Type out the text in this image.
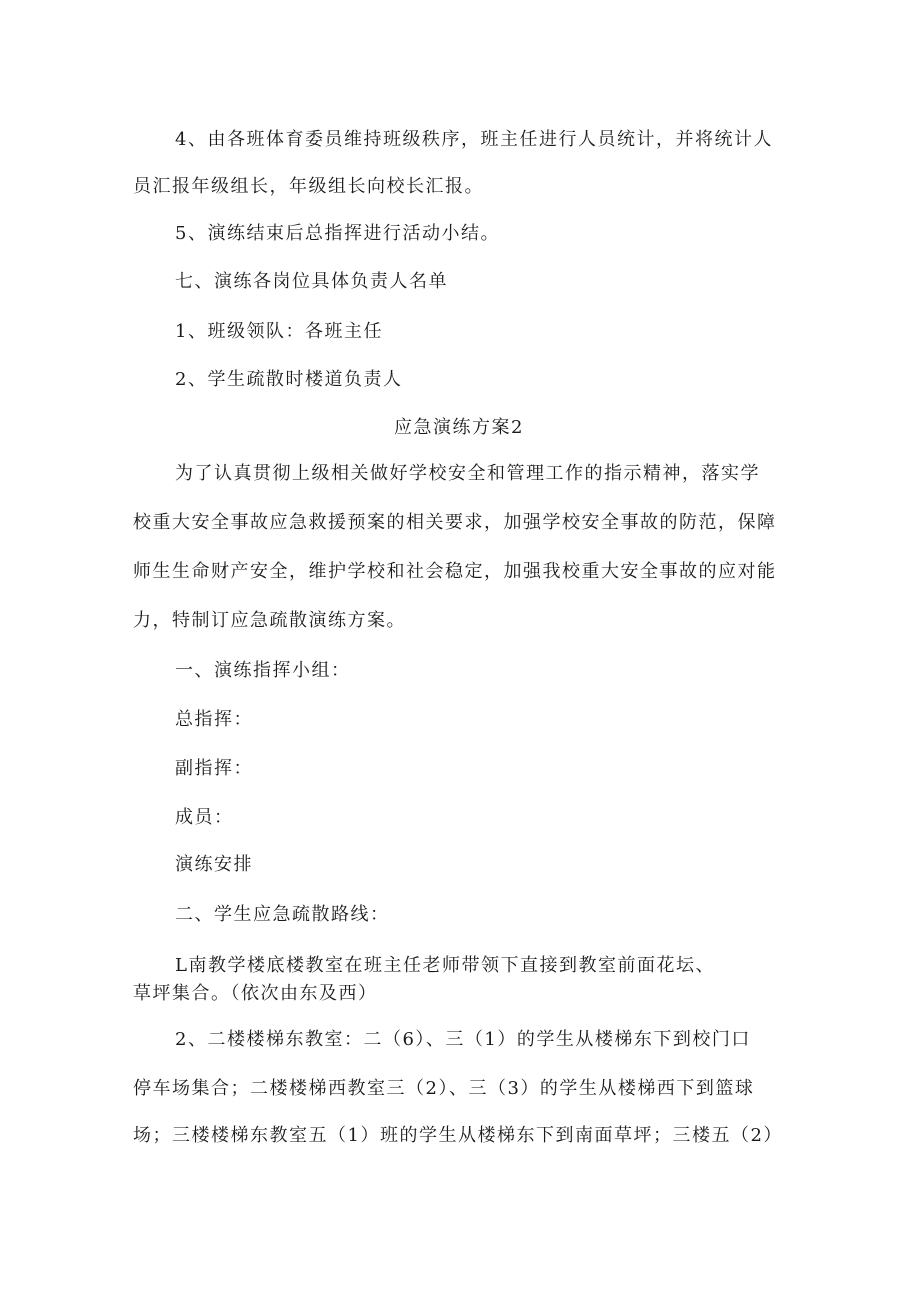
4、由各班体育委员维持班级秩序，班主任进行人员统计，并将统计人

员汇报年级组长，年级组长向校长汇报。

5、演练结束后总指挥进行活动小结。

七、演练各岗位具体负责人名单

1、班级领队：各班主任

2、学生疏散时楼道负责人

应急演练方案2

为了认真贯彻上级相关做好学校安全和管理工作的指示精神，落实学

校重大安全事故应急救援预案的相关要求，加强学校安全事故的防范，保障

师生生命财产安全，维护学校和社会稳定，加强我校重大安全事故的应对能

力，特制订应急疏散演练方案。

一、演练指挥小组：

总指挥：

副指挥：

成员：

演练安排

二、学生应急疏散路线：

L南教学楼底楼教室在班主任老师带领下直接到教室前面花坛、

草坪集合。（依次由东及西）

2、二楼楼梯东教室：二（6）、三（1）的学生从楼梯东下到校门口

停车场集合；二楼楼梯西教室三（2）、三（3）的学生从楼梯西下到篮球

场；三楼楼梯东教室五（1）班的学生从楼梯东下到南面草坪；三楼五（2）
